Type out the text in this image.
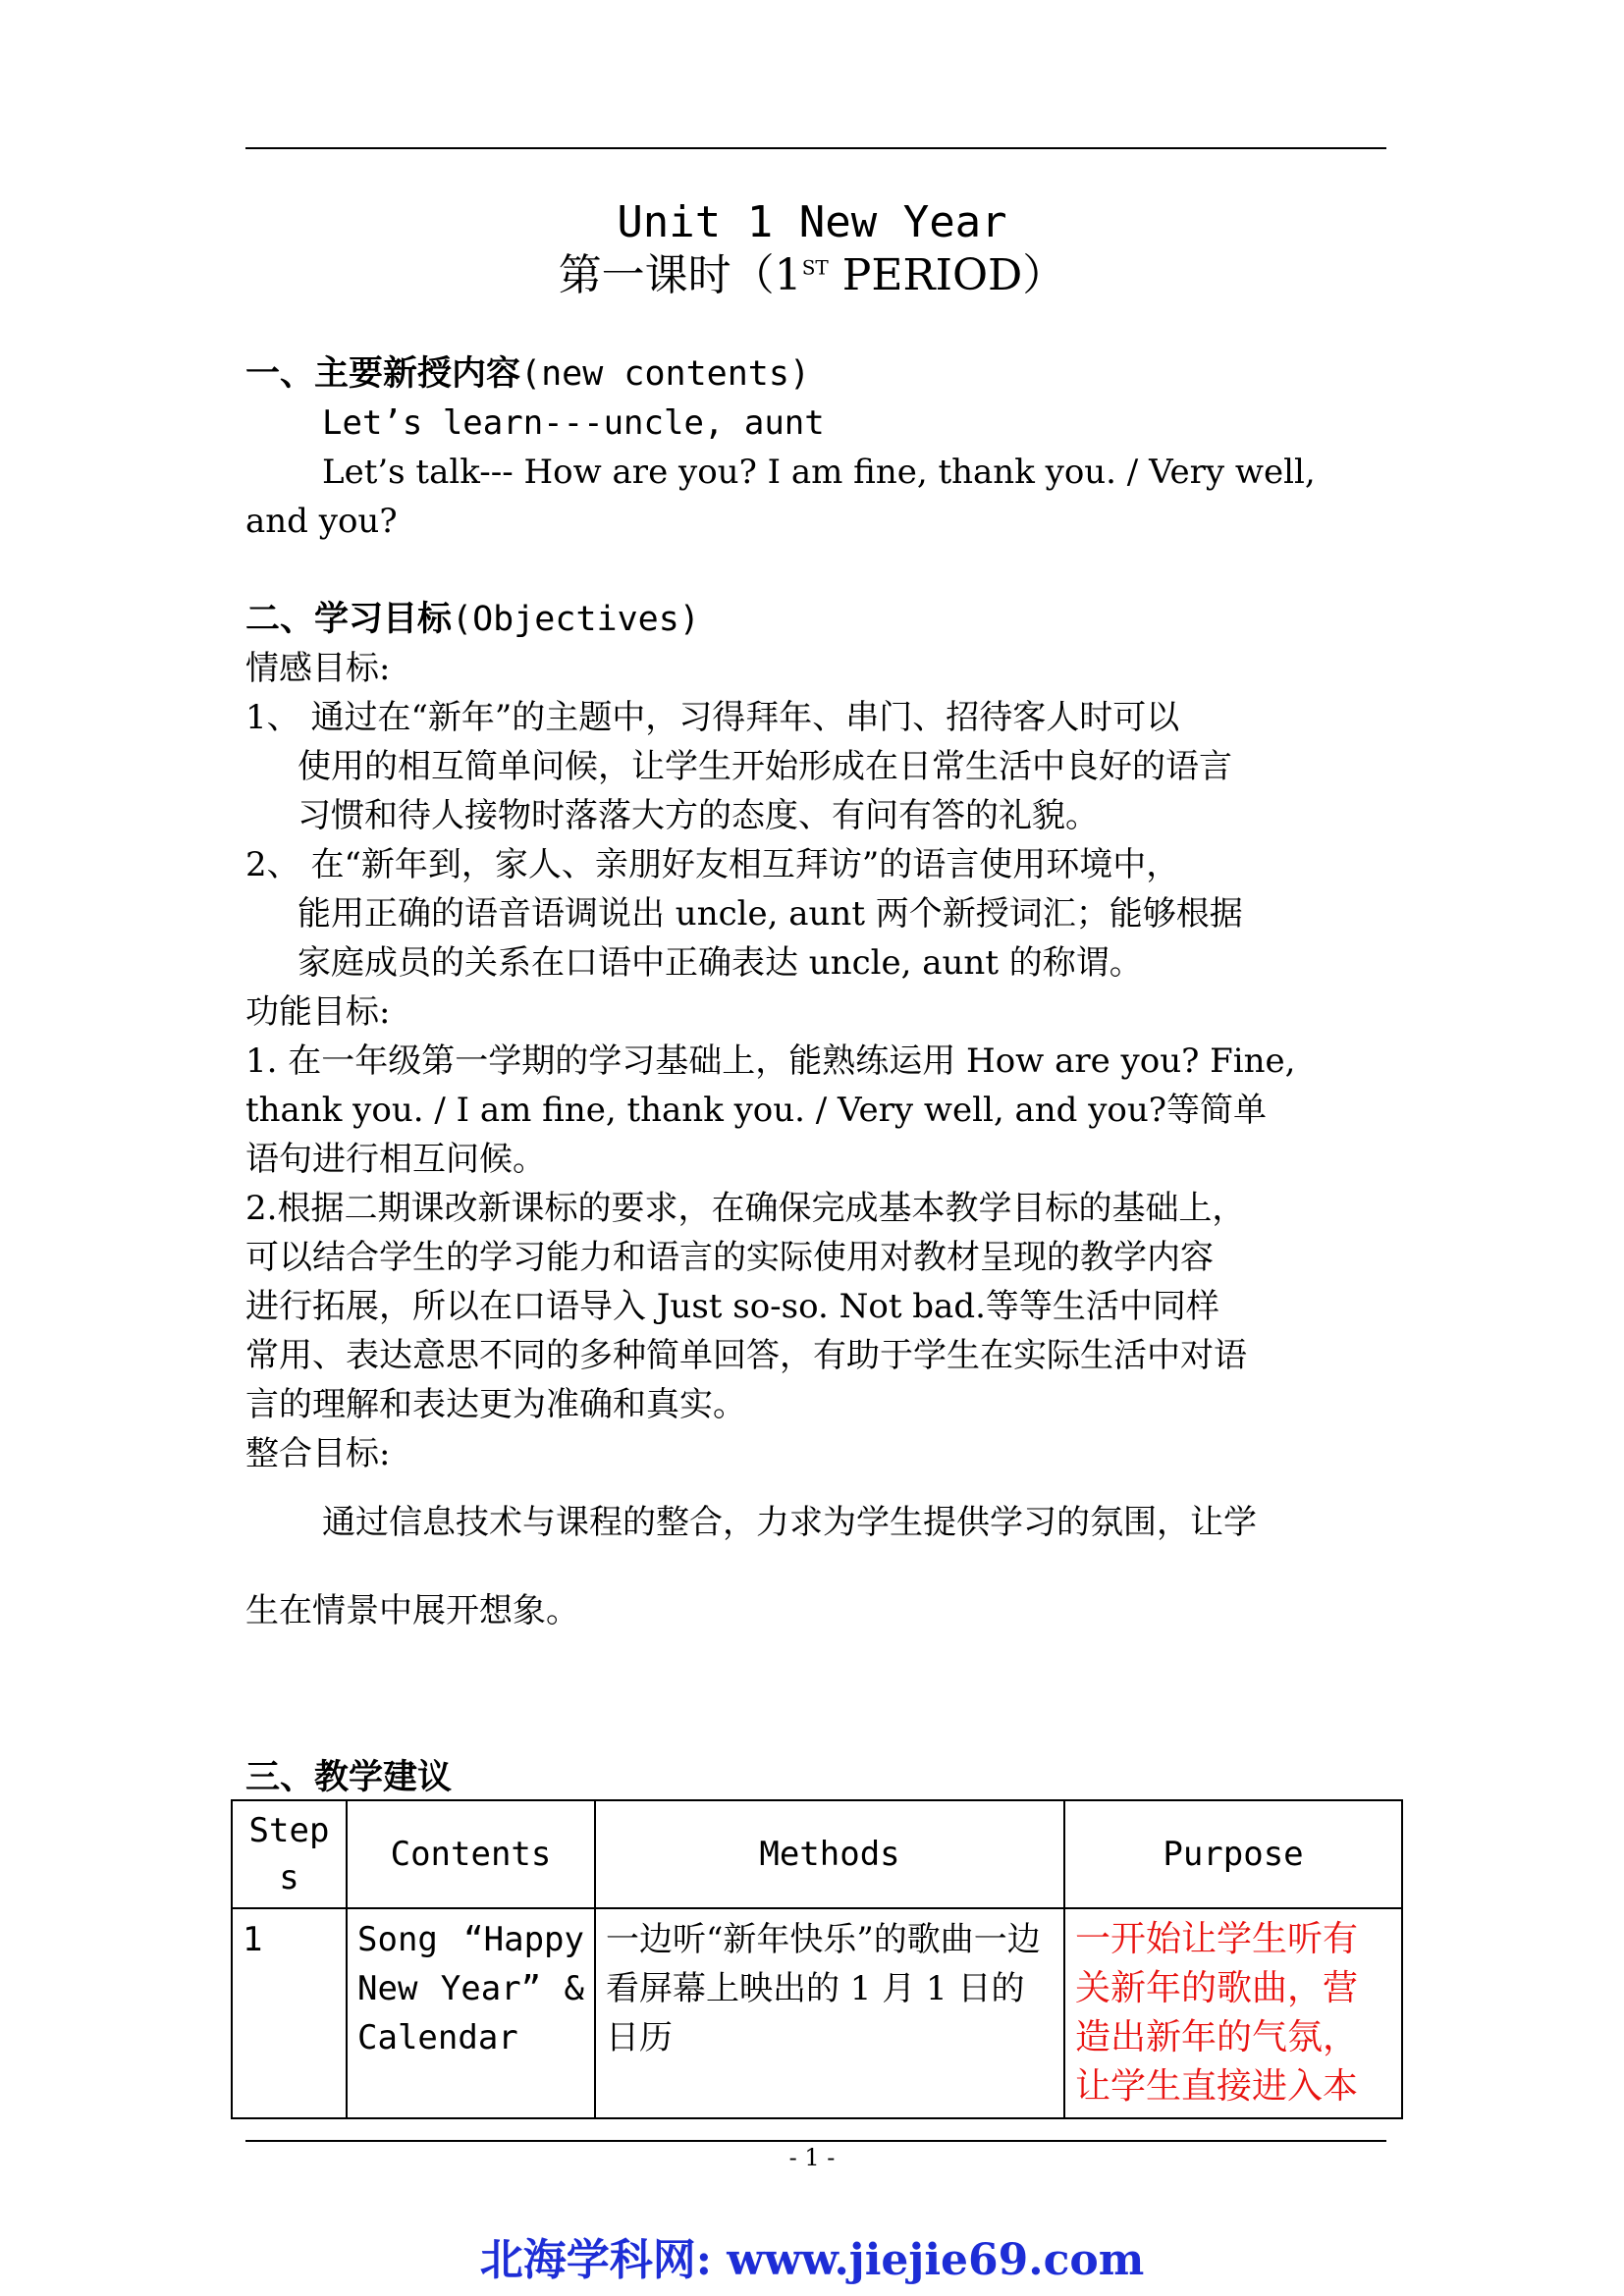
Unit 1 New Year
第一课时（1ST PERIOD）
一、主要新授内容(new contents)
Let’s learn---uncle, aunt
Let’s talk--- How are you? I am fine, thank you. / Very well,
and you?
二、学习目标(Objectives)
情感目标:
1、 通过在“新年”的主题中，习得拜年、串门、招待客人时可以
使用的相互简单问候，让学生开始形成在日常生活中良好的语言
习惯和待人接物时落落大方的态度、有问有答的礼貌。
2、 在“新年到，家人、亲朋好友相互拜访”的语言使用环境中，
能用正确的语音语调说出 uncle, aunt 两个新授词汇；能够根据
家庭成员的关系在口语中正确表达 uncle, aunt 的称谓。
功能目标:
1. 在一年级第一学期的学习基础上，能熟练运用 How are you? Fine,
thank you. / I am fine, thank you. / Very well, and you?等简单
语句进行相互问候。
2.根据二期课改新课标的要求，在确保完成基本教学目标的基础上，
可以结合学生的学习能力和语言的实际使用对教材呈现的教学内容
进行拓展，所以在口语导入 Just so-so. Not bad.等等生活中同样
常用、表达意思不同的多种简单回答，有助于学生在实际生活中对语
言的理解和表达更为准确和真实。
整合目标:
通过信息技术与课程的整合，力求为学生提供学习的氛围，让学
生在情景中展开想象。
三、教学建议
Steps	Contents	Methods	Purpose
1	Song “Happy New Year” & Calendar	一边听“新年快乐”的歌曲一边看屏幕上映出的 1 月 1 日的日历	一开始让学生听有关新年的歌曲，营造出新年的气氛，让学生直接进入本
- 1 -
北海学科网: www.jiejie69.com
